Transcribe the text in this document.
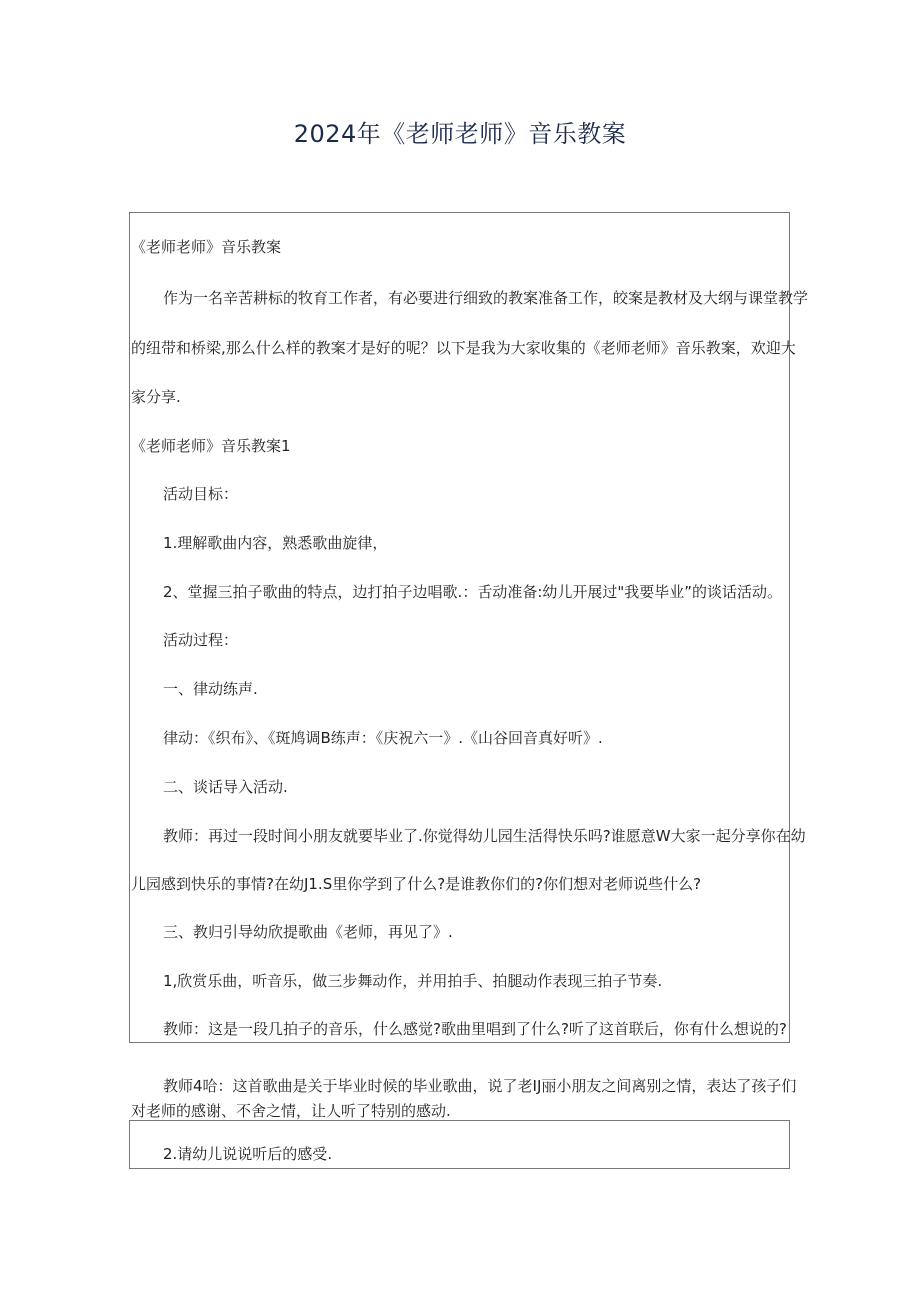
2024年《老师老师》音乐教案
《老师老师》音乐教案
作为一名辛苦耕标的牧育工作者，有必要进行细致的教案准备工作，皎案是教材及大纲与课堂教学
的纽带和桥梁,那么什么样的教案才是好的呢？以下是我为大家收集的《老师老师》音乐教案，欢迎大
家分享.
《老师老师》音乐教案1
活动目标：
1.理解歌曲内容，熟悉歌曲旋律，
2、堂握三拍子歌曲的特点，边打拍子边唱歌.：舌动准备:幼儿开展过"我要毕业”的谈话活动。
活动过程：
一、律动练声.
律动：《织布》、《斑鸠调B练声：《庆祝六一》.《山谷回音真好听》.
二、谈话导入活动.
教师：再过一段时间小朋友就要毕业了.你觉得幼儿园生活得快乐吗?谁愿意W大家一起分享你在幼
儿园感到快乐的事情?在幼J1.S里你学到了什么?是谁教你们的?你们想对老师说些什么?
三、教归引导幼欣提歌曲《老师，再见了》.
1,欣赏乐曲，听音乐，做三步舞动作，并用拍手、拍腿动作表现三拍子节奏.
教师：这是一段几拍子的音乐，什么感觉?歌曲里唱到了什么?听了这首联后，你有什么想说的?
教师4哈：这首歌曲是关于毕业时候的毕业歌曲，说了老IJ丽小朋友之间离别之情，表达了孩子们
对老师的感谢、不舍之情，让人听了特别的感动.
2.请幼儿说说听后的感受.
